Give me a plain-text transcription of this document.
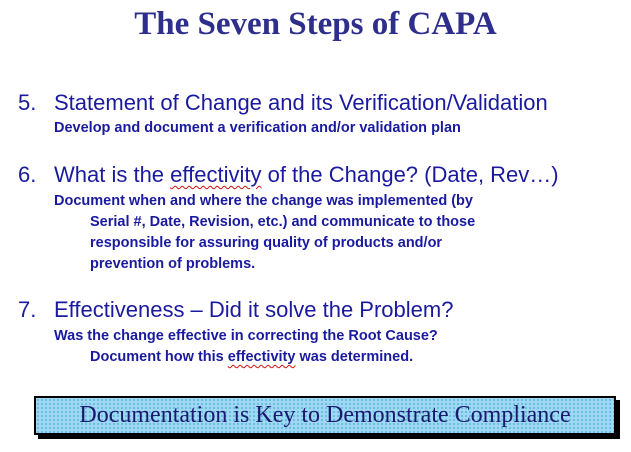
The Seven Steps of CAPA
5. Statement of Change and its Verification/Validation
Develop and document a verification and/or validation plan
6. What is the effectivity of the Change? (Date, Rev…)
Document when and where the change was implemented (by
Serial #, Date, Revision, etc.) and communicate to those
responsible for assuring quality of products and/or
prevention of problems.
7. Effectiveness – Did it solve the Problem?
Was the change effective in correcting the Root Cause?
Document how this effectivity was determined.
Documentation is Key to Demonstrate Compliance
